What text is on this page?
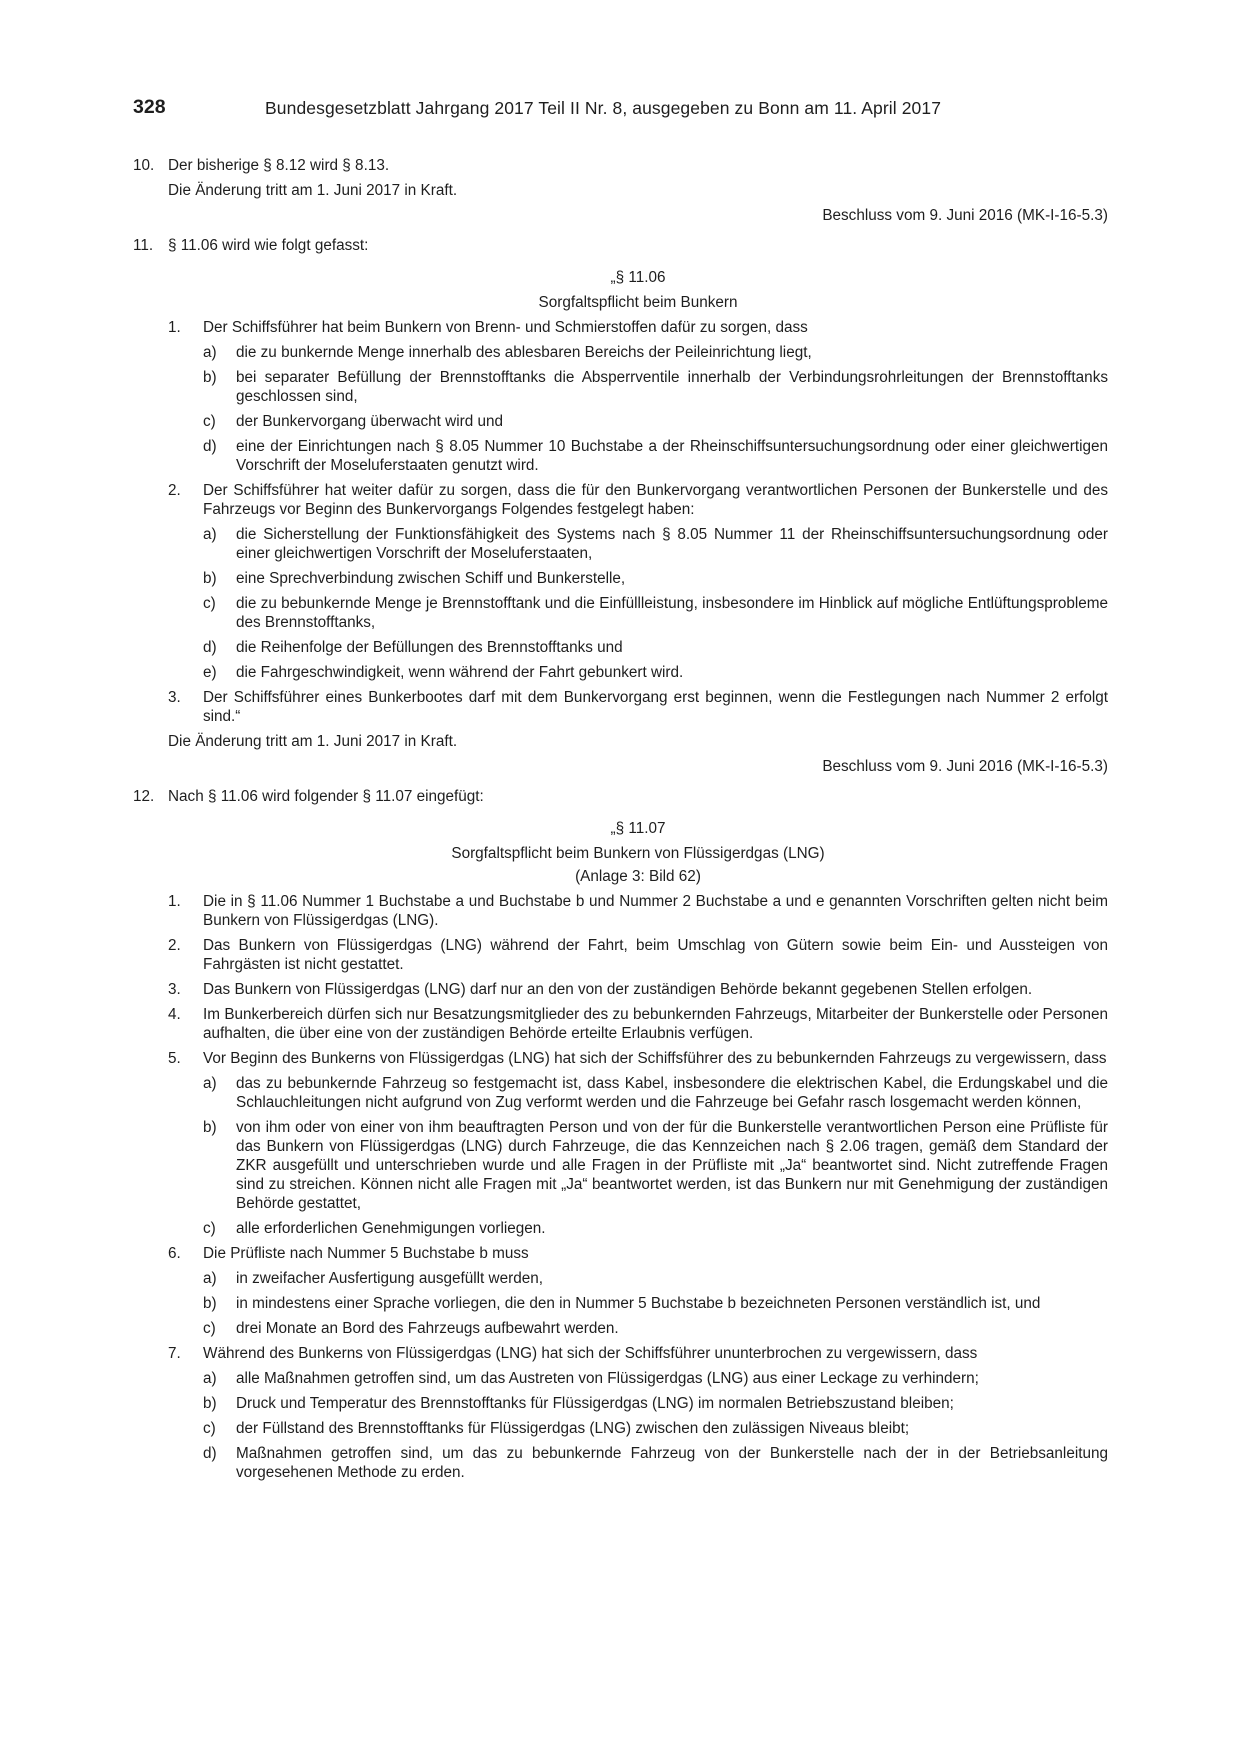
328	Bundesgesetzblatt Jahrgang 2017 Teil II Nr. 8, ausgegeben zu Bonn am 11. April 2017
10. Der bisherige § 8.12 wird § 8.13.

Die Änderung tritt am 1. Juni 2017 in Kraft.

Beschluss vom 9. Juni 2016 (MK-I-16-5.3)

11. § 11.06 wird wie folgt gefasst:

„§ 11.06

Sorgfaltspflicht beim Bunkern

1. Der Schiffsführer hat beim Bunkern von Brenn- und Schmierstoffen dafür zu sorgen, dass

a) die zu bunkernde Menge innerhalb des ablesbaren Bereichs der Peileinrichtung liegt,

b) bei separater Befüllung der Brennstofftanks die Absperrventile innerhalb der Verbindungsrohrleitungen der Brennstofftanks geschlossen sind,

c) der Bunkervorgang überwacht wird und

d) eine der Einrichtungen nach § 8.05 Nummer 10 Buchstabe a der Rheinschiffsuntersuchungsordnung oder einer gleichwertigen Vorschrift der Moseluferstaaten genutzt wird.

2. Der Schiffsführer hat weiter dafür zu sorgen, dass die für den Bunkervorgang verantwortlichen Personen der Bunkerstelle und des Fahrzeugs vor Beginn des Bunkervorgangs Folgendes festgelegt haben:

a) die Sicherstellung der Funktionsfähigkeit des Systems nach § 8.05 Nummer 11 der Rheinschiffsuntersuchungsordnung oder einer gleichwertigen Vorschrift der Moseluferstaaten,

b) eine Sprechverbindung zwischen Schiff und Bunkerstelle,

c) die zu bebunkernde Menge je Brennstofftank und die Einfüllleistung, insbesondere im Hinblick auf mögliche Entlüftungsprobleme des Brennstofftanks,

d) die Reihenfolge der Befüllungen des Brennstofftanks und

e) die Fahrgeschwindigkeit, wenn während der Fahrt gebunkert wird.

3. Der Schiffsführer eines Bunkerbootes darf mit dem Bunkervorgang erst beginnen, wenn die Festlegungen nach Nummer 2 erfolgt sind.“

Die Änderung tritt am 1. Juni 2017 in Kraft.

Beschluss vom 9. Juni 2016 (MK-I-16-5.3)

12. Nach § 11.06 wird folgender § 11.07 eingefügt:

„§ 11.07

Sorgfaltspflicht beim Bunkern von Flüssigerdgas (LNG)

(Anlage 3: Bild 62)

1. Die in § 11.06 Nummer 1 Buchstabe a und Buchstabe b und Nummer 2 Buchstabe a und e genannten Vorschriften gelten nicht beim Bunkern von Flüssigerdgas (LNG).

2. Das Bunkern von Flüssigerdgas (LNG) während der Fahrt, beim Umschlag von Gütern sowie beim Ein- und Aussteigen von Fahrgästen ist nicht gestattet.

3. Das Bunkern von Flüssigerdgas (LNG) darf nur an den von der zuständigen Behörde bekannt gegebenen Stellen erfolgen.

4. Im Bunkerbereich dürfen sich nur Besatzungsmitglieder des zu bebunkernden Fahrzeugs, Mitarbeiter der Bunkerstelle oder Personen aufhalten, die über eine von der zuständigen Behörde erteilte Erlaubnis verfügen.

5. Vor Beginn des Bunkerns von Flüssigerdgas (LNG) hat sich der Schiffsführer des zu bebunkernden Fahrzeugs zu vergewissern, dass

a) das zu bebunkernde Fahrzeug so festgemacht ist, dass Kabel, insbesondere die elektrischen Kabel, die Erdungskabel und die Schlauchleitungen nicht aufgrund von Zug verformt werden und die Fahrzeuge bei Gefahr rasch losgemacht werden können,

b) von ihm oder von einer von ihm beauftragten Person und von der für die Bunkerstelle verantwortlichen Person eine Prüfliste für das Bunkern von Flüssigerdgas (LNG) durch Fahrzeuge, die das Kennzeichen nach § 2.06 tragen, gemäß dem Standard der ZKR ausgefüllt und unterschrieben wurde und alle Fragen in der Prüfliste mit „Ja“ beantwortet sind. Nicht zutreffende Fragen sind zu streichen. Können nicht alle Fragen mit „Ja“ beantwortet werden, ist das Bunkern nur mit Genehmigung der zuständigen Behörde gestattet,

c) alle erforderlichen Genehmigungen vorliegen.

6. Die Prüfliste nach Nummer 5 Buchstabe b muss

a) in zweifacher Ausfertigung ausgefüllt werden,

b) in mindestens einer Sprache vorliegen, die den in Nummer 5 Buchstabe b bezeichneten Personen verständlich ist, und

c) drei Monate an Bord des Fahrzeugs aufbewahrt werden.

7. Während des Bunkerns von Flüssigerdgas (LNG) hat sich der Schiffsführer ununterbrochen zu vergewissern, dass

a) alle Maßnahmen getroffen sind, um das Austreten von Flüssigerdgas (LNG) aus einer Leckage zu verhindern;

b) Druck und Temperatur des Brennstofftanks für Flüssigerdgas (LNG) im normalen Betriebszustand bleiben;

c) der Füllstand des Brennstofftanks für Flüssigerdgas (LNG) zwischen den zulässigen Niveaus bleibt;

d) Maßnahmen getroffen sind, um das zu bebunkernde Fahrzeug von der Bunkerstelle nach der in der Betriebsanleitung vorgesehenen Methode zu erden.
